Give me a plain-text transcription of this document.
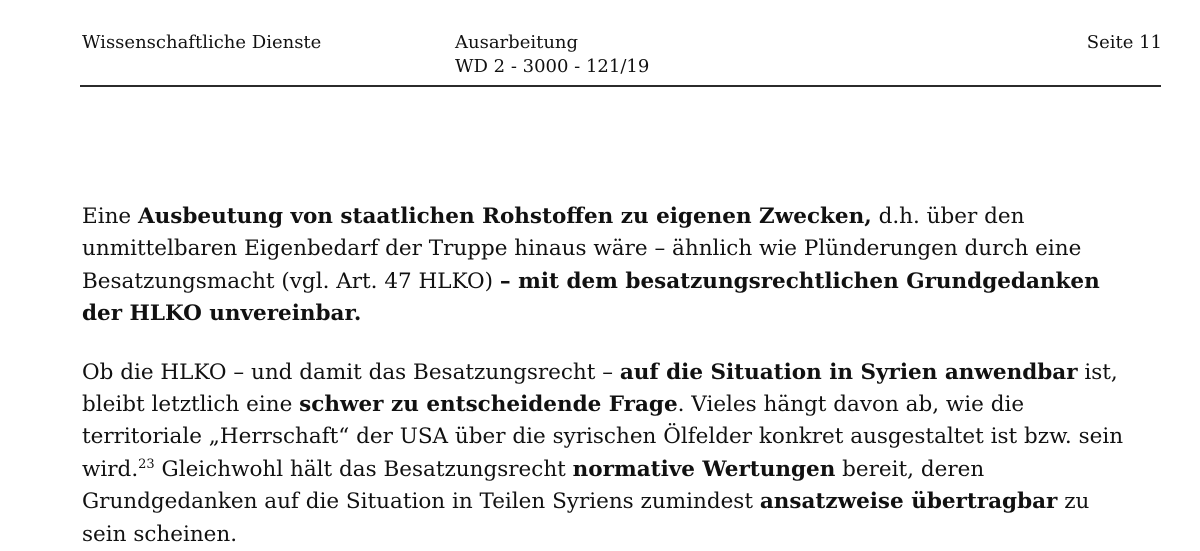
Wissenschaftliche Dienste	Ausarbeitung
WD 2 - 3000 - 121/19
Seite 11

Eine Ausbeutung von staatlichen Rohstoffen zu eigenen Zwecken, d.h. über den unmittelbaren Eigenbedarf der Truppe hinaus wäre – ähnlich wie Plünderungen durch eine Besatzungsmacht (vgl. Art. 47 HLKO) – mit dem besatzungsrechtlichen Grundgedanken der HLKO unvereinbar.

Ob die HLKO – und damit das Besatzungsrecht – auf die Situation in Syrien anwendbar ist, bleibt letztlich eine schwer zu entscheidende Frage. Vieles hängt davon ab, wie die territoriale „Herrschaft“ der USA über die syrischen Ölfelder konkret ausgestaltet ist bzw. sein wird.$^{23}$ Gleichwohl hält das Besatzungsrecht normative Wertungen bereit, deren Grundgedanken auf die Situation in Teilen Syriens zumindest ansatzweise übertragbar zu sein scheinen.
